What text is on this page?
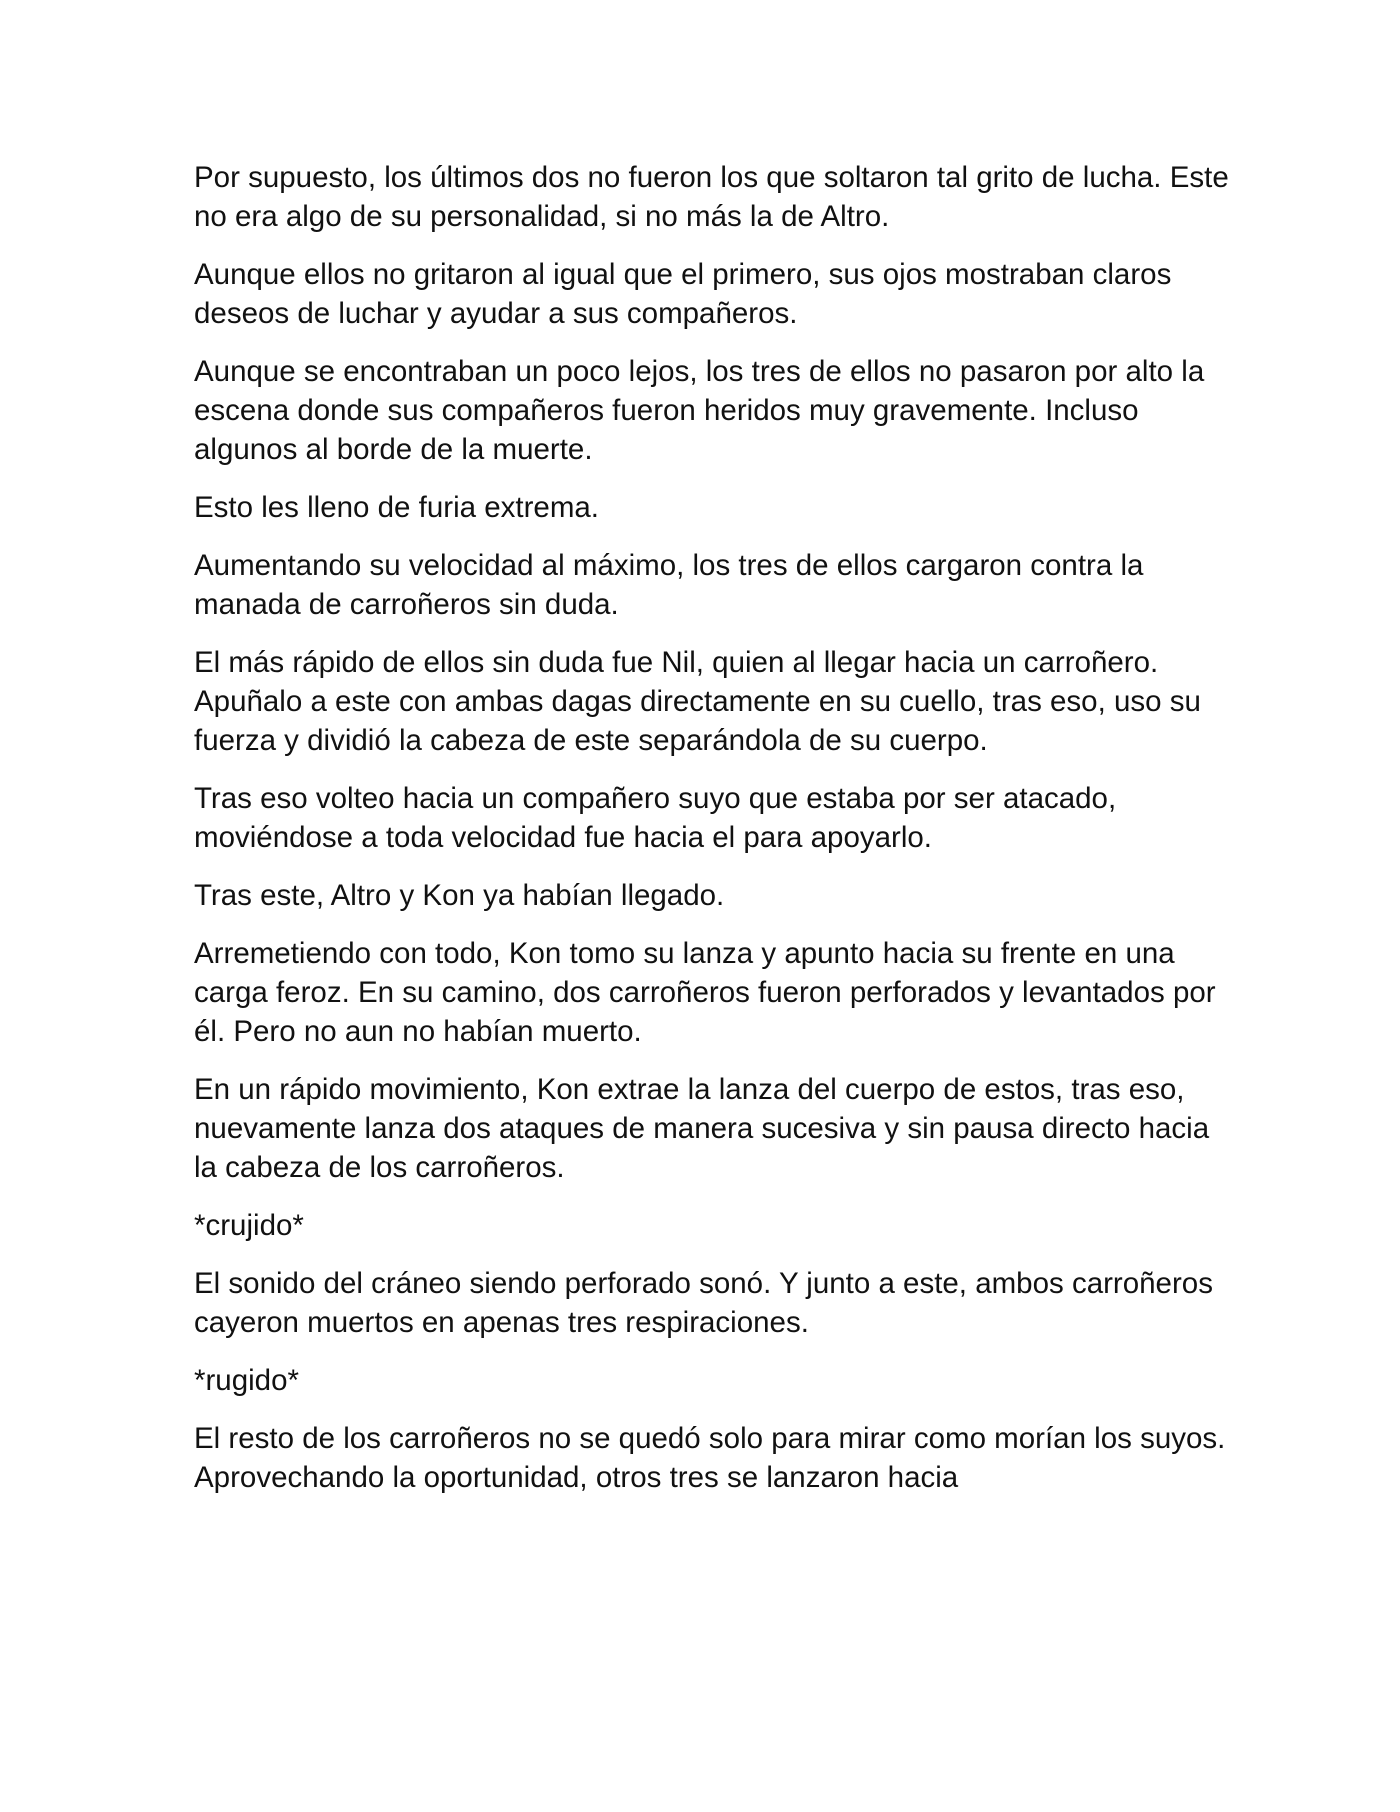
Por supuesto, los últimos dos no fueron los que soltaron tal grito de lucha. Este no era algo de su personalidad, si no más la de Altro.

Aunque ellos no gritaron al igual que el primero, sus ojos mostraban claros deseos de luchar y ayudar a sus compañeros.

Aunque se encontraban un poco lejos, los tres de ellos no pasaron por alto la escena donde sus compañeros fueron heridos muy gravemente. Incluso algunos al borde de la muerte.

Esto les lleno de furia extrema.

Aumentando su velocidad al máximo, los tres de ellos cargaron contra la manada de carroñeros sin duda.

El más rápido de ellos sin duda fue Nil, quien al llegar hacia un carroñero. Apuñalo a este con ambas dagas directamente en su cuello, tras eso, uso su fuerza y dividió la cabeza de este separándola de su cuerpo.

Tras eso volteo hacia un compañero suyo que estaba por ser atacado, moviéndose a toda velocidad fue hacia el para apoyarlo.

Tras este, Altro y Kon ya habían llegado.

Arremetiendo con todo, Kon tomo su lanza y apunto hacia su frente en una carga feroz. En su camino, dos carroñeros fueron perforados y levantados por él. Pero no aun no habían muerto.

En un rápido movimiento, Kon extrae la lanza del cuerpo de estos, tras eso, nuevamente lanza dos ataques de manera sucesiva y sin pausa directo hacia la cabeza de los carroñeros.

*crujido*

El sonido del cráneo siendo perforado sonó. Y junto a este, ambos carroñeros cayeron muertos en apenas tres respiraciones.

*rugido*

El resto de los carroñeros no se quedó solo para mirar como morían los suyos. Aprovechando la oportunidad, otros tres se lanzaron hacia
